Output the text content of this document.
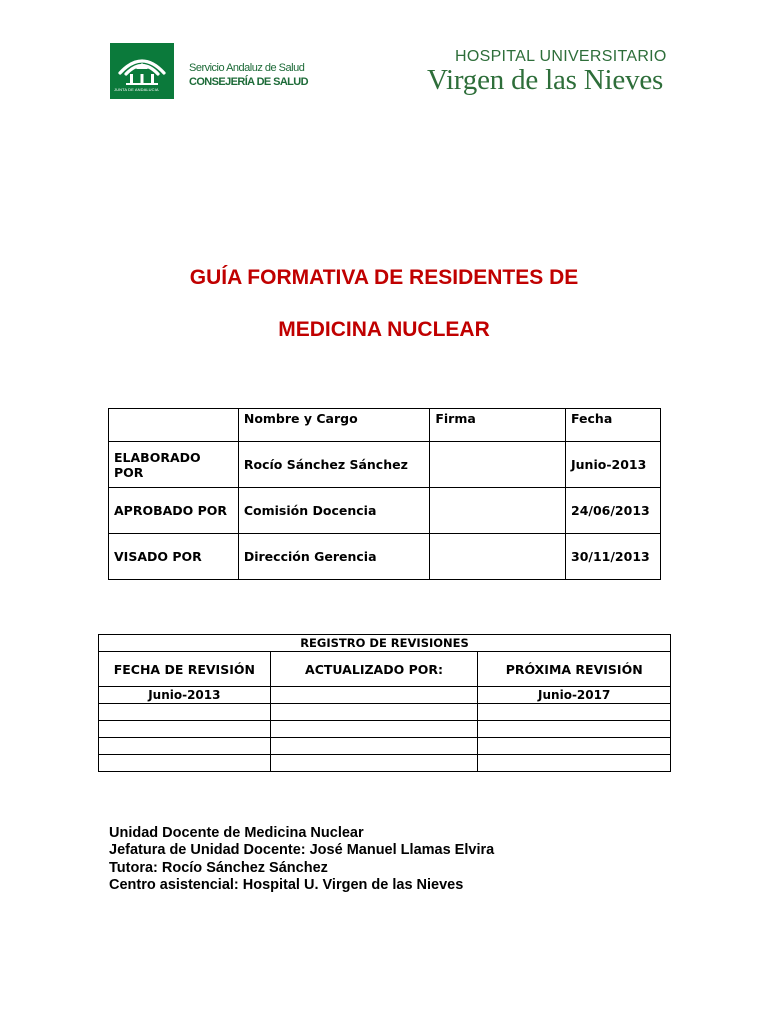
JUNTA DE ANDALUCIA
Servicio Andaluz de Salud
CONSEJERÍA DE SALUD
HOSPITAL UNIVERSITARIO
Virgen de las Nieves
GUÍA FORMATIVA DE RESIDENTES DE
MEDICINA NUCLEAR
	Nombre y Cargo	Firma	Fecha
ELABORADO POR	Rocío Sánchez Sánchez		Junio-2013
APROBADO POR	Comisión Docencia		24/06/2013
VISADO POR	Dirección Gerencia		30/11/2013
REGISTRO DE REVISIONES		
FECHA DE REVISIÓN	ACTUALIZADO POR:	PRÓXIMA REVISIÓN
Junio-2013		Junio-2017

Unidad Docente de Medicina Nuclear
Jefatura de Unidad Docente: José Manuel Llamas Elvira
Tutora: Rocío Sánchez Sánchez
Centro asistencial: Hospital U. Virgen de las Nieves
